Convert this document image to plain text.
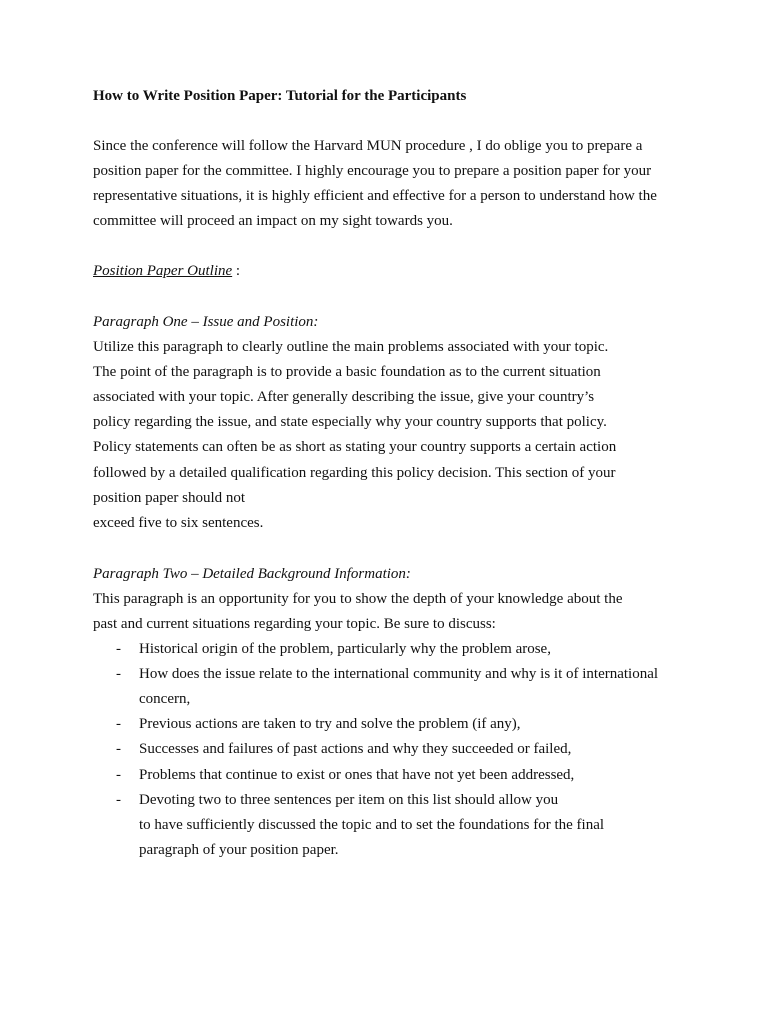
How to Write Position Paper: Tutorial for the Participants
Since the conference will follow the Harvard MUN procedure , I do oblige you to prepare a
position paper for the committee. I highly encourage you to prepare a position paper for your
representative situations, it is highly efficient and effective for a person to understand how the
committee will proceed an impact on my sight towards you.
Position Paper Outline :
Paragraph One – Issue and Position:
Utilize this paragraph to clearly outline the main problems associated with your topic.
The point of the paragraph is to provide a basic foundation as to the current situation
associated with your topic. After generally describing the issue, give your country’s
policy regarding the issue, and state especially why your country supports that policy.
Policy statements can often be as short as stating your country supports a certain action
followed by a detailed qualification regarding this policy decision. This section of your
position paper should not
exceed five to six sentences.
Paragraph Two – Detailed Background Information:
This paragraph is an opportunity for you to show the depth of your knowledge about the
past and current situations regarding your topic. Be sure to discuss:
- Historical origin of the problem, particularly why the problem arose,
- How does the issue relate to the international community and why is it of international
concern,
- Previous actions are taken to try and solve the problem (if any),
- Successes and failures of past actions and why they succeeded or failed,
- Problems that continue to exist or ones that have not yet been addressed,
- Devoting two to three sentences per item on this list should allow you
to have sufficiently discussed the topic and to set the foundations for the final
paragraph of your position paper.
